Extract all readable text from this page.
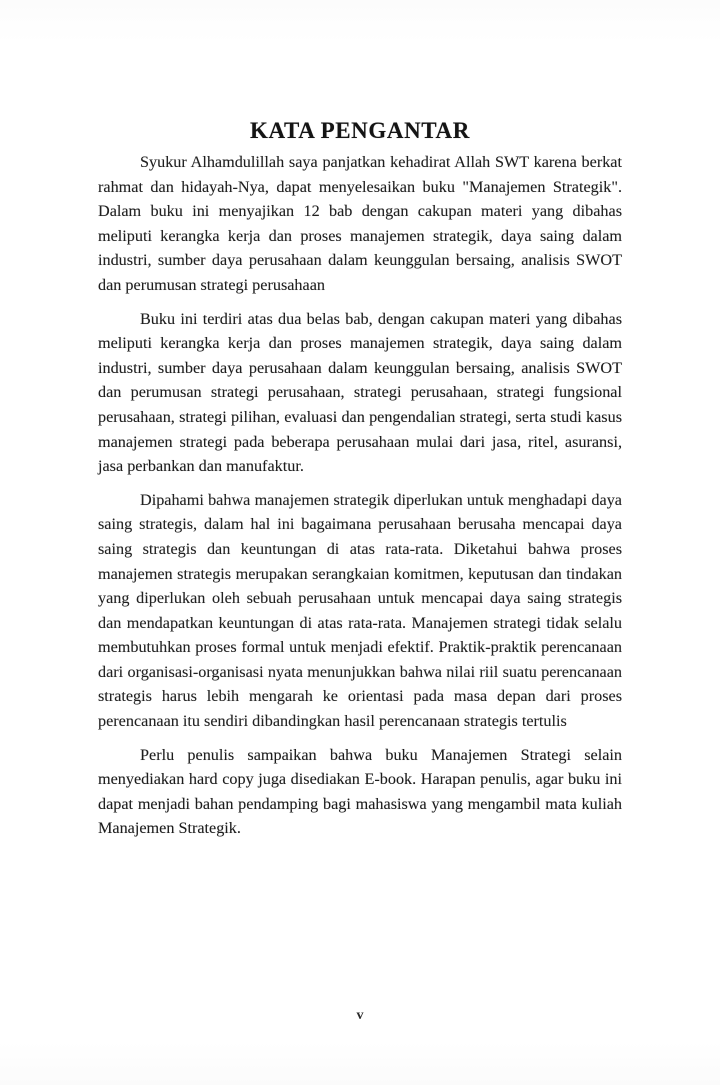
KATA PENGANTAR

Syukur Alhamdulillah saya panjatkan kehadirat Allah SWT karena berkat rahmat dan hidayah-Nya, dapat menyelesaikan buku "Manajemen Strategik". Dalam buku ini menyajikan 12 bab dengan cakupan materi yang dibahas meliputi kerangka kerja dan proses manajemen strategik, daya saing dalam industri, sumber daya perusahaan dalam keunggulan bersaing, analisis SWOT dan perumusan strategi perusahaan

Buku ini terdiri atas dua belas bab, dengan cakupan materi yang dibahas meliputi kerangka kerja dan proses manajemen strategik, daya saing dalam industri, sumber daya perusahaan dalam keunggulan bersaing, analisis SWOT dan perumusan strategi perusahaan, strategi perusahaan, strategi fungsional perusahaan, strategi pilihan, evaluasi dan pengendalian strategi, serta studi kasus manajemen strategi pada beberapa perusahaan mulai dari jasa, ritel, asuransi, jasa perbankan dan manufaktur.

Dipahami bahwa manajemen strategik diperlukan untuk menghadapi daya saing strategis, dalam hal ini bagaimana perusahaan berusaha mencapai daya saing strategis dan keuntungan di atas rata-rata. Diketahui bahwa proses manajemen strategis merupakan serangkaian komitmen, keputusan dan tindakan yang diperlukan oleh sebuah perusahaan untuk mencapai daya saing strategis dan mendapatkan keuntungan di atas rata-rata. Manajemen strategi tidak selalu membutuhkan proses formal untuk menjadi efektif. Praktik-praktik perencanaan dari organisasi-organisasi nyata menunjukkan bahwa nilai riil suatu perencanaan strategis harus lebih mengarah ke orientasi pada masa depan dari proses perencanaan itu sendiri dibandingkan hasil perencanaan strategis tertulis

Perlu penulis sampaikan bahwa buku Manajemen Strategi selain menyediakan hard copy juga disediakan E-book. Harapan penulis, agar buku ini dapat menjadi bahan pendamping bagi mahasiswa yang mengambil mata kuliah Manajemen Strategik.

v
